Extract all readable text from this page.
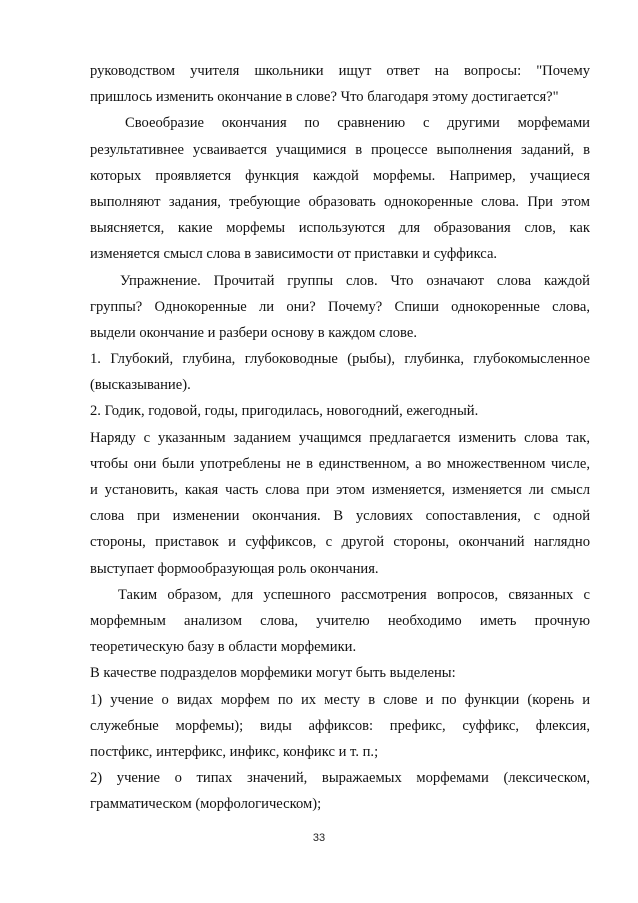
руководством учителя школьники ищут ответ на вопросы: "Почему
пришлось изменить окончание в слове? Что благодаря этому достигается?"
Своеобразие окончания по сравнению с другими морфемами
результативнее усваивается учащимися в процессе выполнения заданий, в
которых проявляется функция каждой морфемы. Например, учащиеся
выполняют задания, требующие образовать однокоренные слова. При этом
выясняется, какие морфемы используются для образования слов, как
изменяется смысл слова в зависимости от приставки и суффикса.
Упражнение. Прочитай группы слов. Что означают слова каждой
группы? Однокоренные ли они? Почему? Спиши однокоренные слова,
выдели окончание и разбери основу в каждом слове.
1. Глубокий, глубина, глубоководные (рыбы), глубинка, глубокомысленное
(высказывание).
2. Годик, годовой, годы, пригодилась, новогодний, ежегодный.
Наряду с указанным заданием учащимся предлагается изменить слова так,
чтобы они были употреблены не в единственном, а во множественном числе,
и установить, какая часть слова при этом изменяется, изменяется ли смысл
слова при изменении окончания. В условиях сопоставления, с одной
стороны, приставок и суффиксов, с другой стороны, окончаний наглядно
выступает формообразующая роль окончания.
Таким образом, для успешного рассмотрения вопросов, связанных с
морфемным анализом слова, учителю необходимо иметь прочную
теоретическую базу в области морфемики.
В качестве подразделов морфемики могут быть выделены:
1) учение о видах морфем по их месту в слове и по функции (корень и
служебные морфемы); виды аффиксов: префикс, суффикс, флексия,
постфикс, интерфикс, инфикс, конфикс и т. п.;
2) учение о типах значений, выражаемых морфемами (лексическом,
грамматическом (морфологическом);
33
